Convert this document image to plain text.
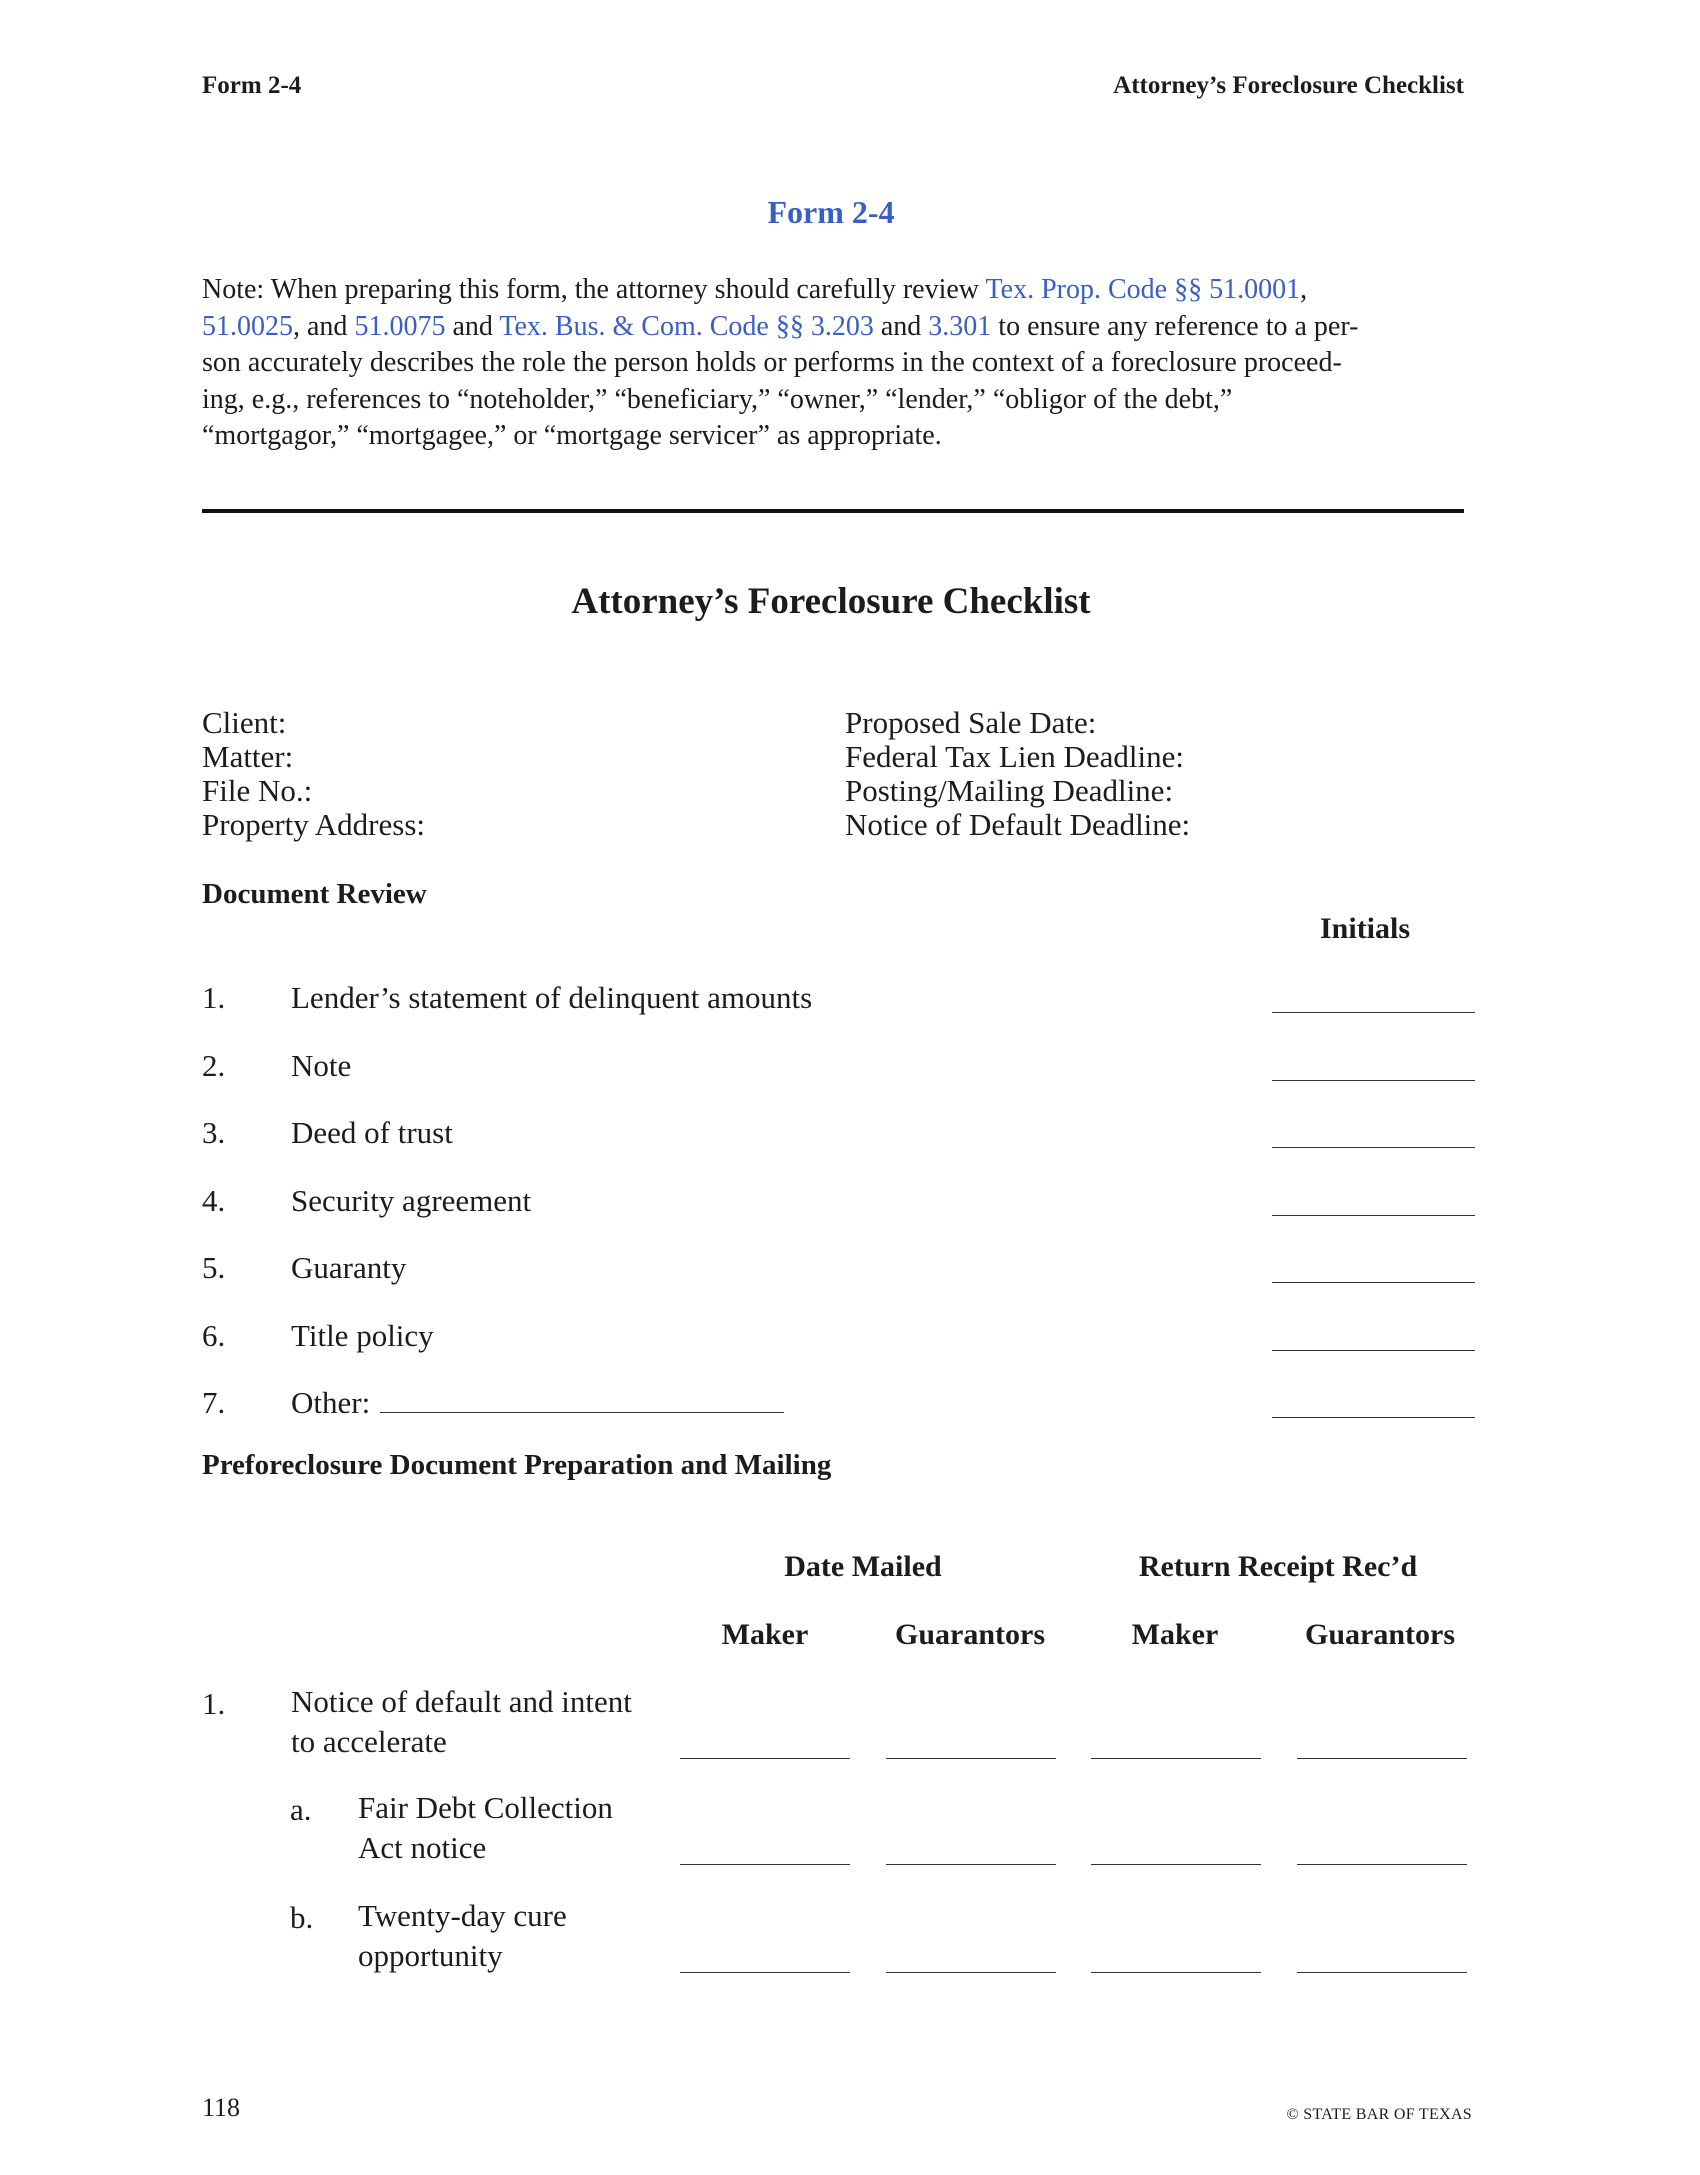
Form 2-4	Attorney’s Foreclosure Checklist
Form 2-4
Note: When preparing this form, the attorney should carefully review Tex. Prop. Code §§ 51.0001,
51.0025, and 51.0075 and Tex. Bus. & Com. Code §§ 3.203 and 3.301 to ensure any reference to a per-
son accurately describes the role the person holds or performs in the context of a foreclosure proceed-
ing, e.g., references to “noteholder,” “beneficiary,” “owner,” “lender,” “obligor of the debt,”
“mortgagor,” “mortgagee,” or “mortgage servicer” as appropriate.
Attorney’s Foreclosure Checklist
Client:
Matter:
File No.:
Property Address:
Proposed Sale Date:
Federal Tax Lien Deadline:
Posting/Mailing Deadline:
Notice of Default Deadline:
Document Review
Initials
1. Lender’s statement of delinquent amounts
2. Note
3. Deed of trust
4. Security agreement
5. Guaranty
6. Title policy
7. Other:
Preforeclosure Document Preparation and Mailing
Date Mailed	Return Receipt Rec’d
Maker	Guarantors	Maker	Guarantors
1. Notice of default and intent
to accelerate
a. Fair Debt Collection
Act notice
b. Twenty-day cure
opportunity
118	© STATE BAR OF TEXAS
